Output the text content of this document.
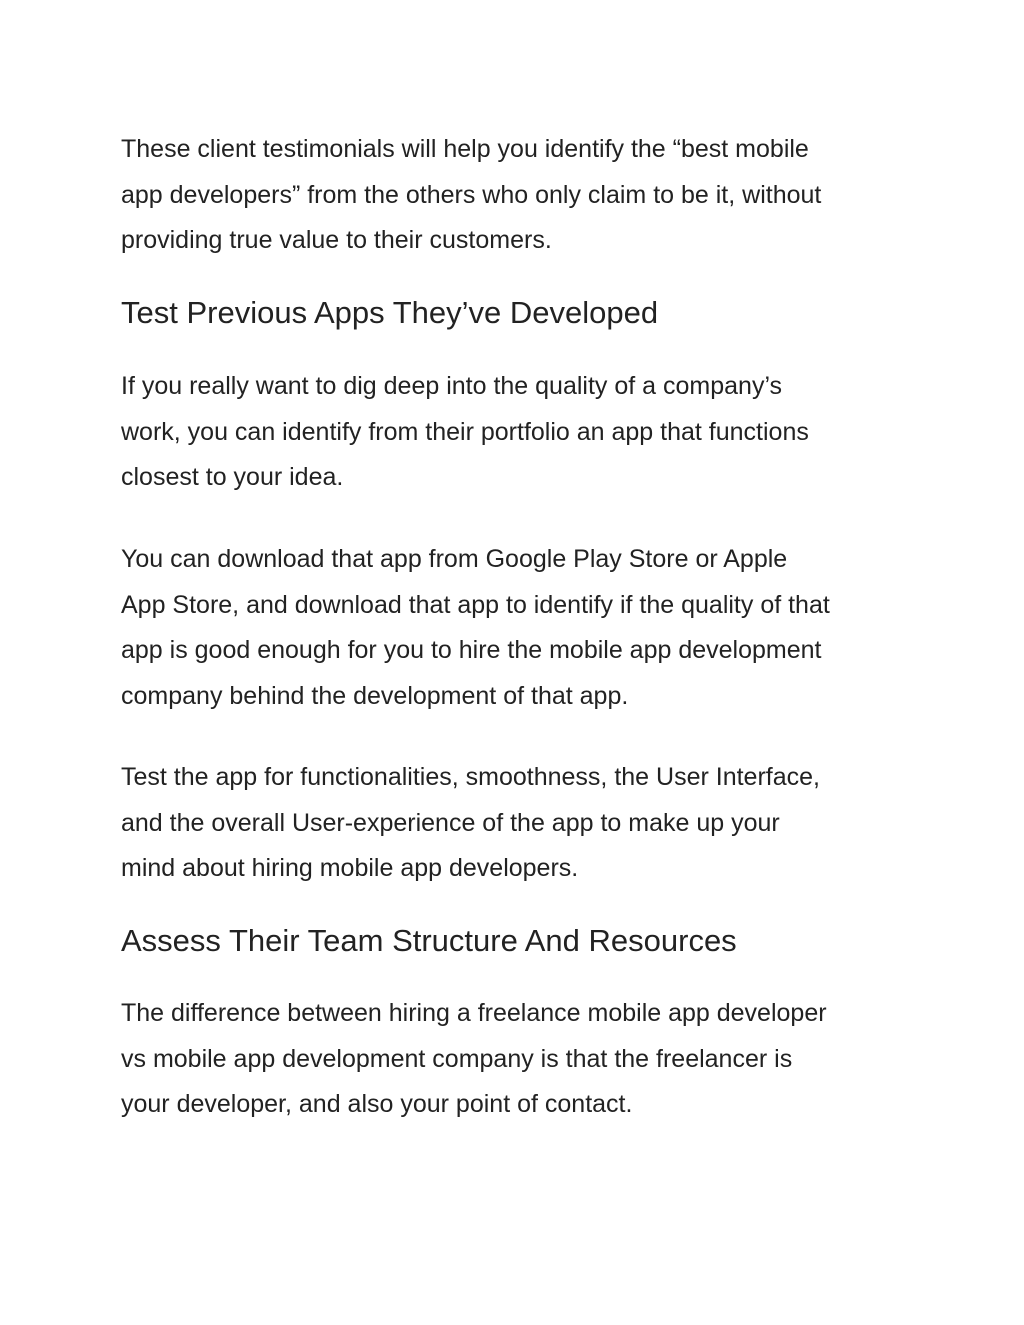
These client testimonials will help you identify the “best mobile
app developers” from the others who only claim to be it, without
providing true value to their customers.

Test Previous Apps They’ve Developed

If you really want to dig deep into the quality of a company’s
work, you can identify from their portfolio an app that functions
closest to your idea.

You can download that app from Google Play Store or Apple
App Store, and download that app to identify if the quality of that
app is good enough for you to hire the mobile app development
company behind the development of that app.

Test the app for functionalities, smoothness, the User Interface,
and the overall User-experience of the app to make up your
mind about hiring mobile app developers.

Assess Their Team Structure And Resources

The difference between hiring a freelance mobile app developer
vs mobile app development company is that the freelancer is
your developer, and also your point of contact.
